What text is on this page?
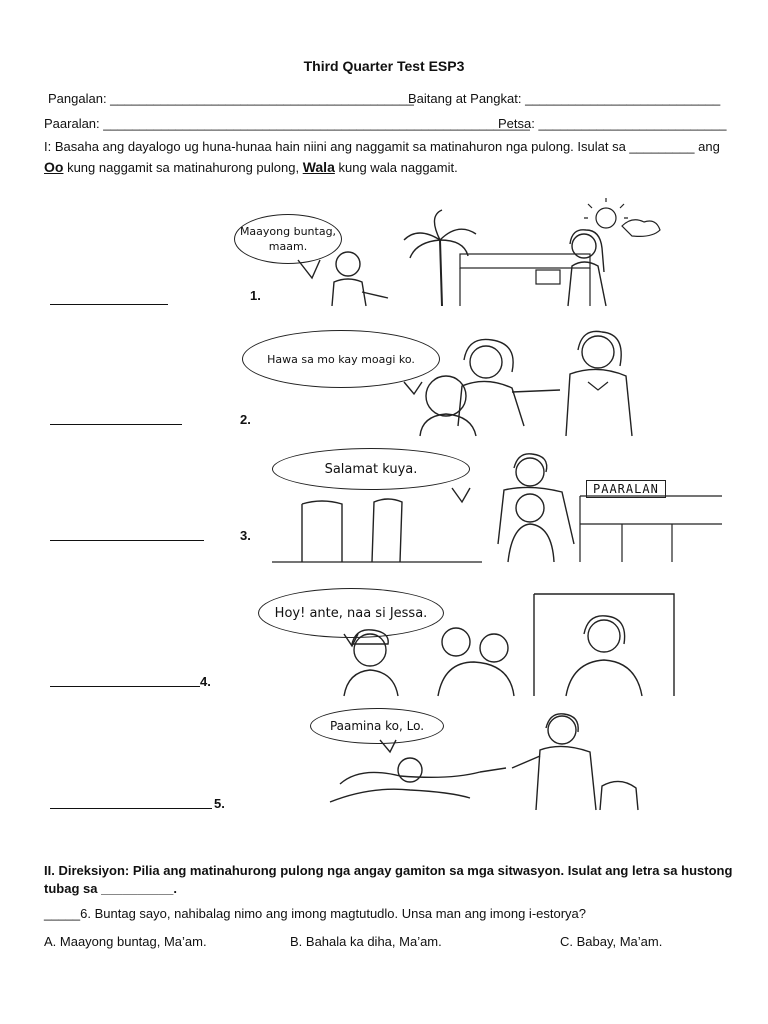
Third Quarter Test ESP3
Pangalan: __________________________________________
Baitang at Pangkat: ___________________________
Paaralan: ___________________________________________________________
Petsa: __________________________
I: Basaha ang dayalogo ug huna-hunaa hain niini ang naggamit sa matinahuron nga pulong. Isulat sa _________ ang Oo kung naggamit sa matinahurong pulong, Wala kung wala naggamit.
1.
Maayong buntag, maam.
2.
Hawa sa mo kay moagi ko.
3.
Salamat kuya.
PAARALAN
4.
Hoy! ante, naa si Jessa.
5.
Paamina ko, Lo.
II. Direksiyon: Pilia ang matinahurong pulong nga angay gamiton sa mga sitwasyon. Isulat ang letra sa hustong tubag sa __________.
_____6. Buntag sayo, nahibalag nimo ang imong magtutudlo. Unsa man ang imong i-estorya?
A. Maayong buntag, Ma’am.	B. Bahala ka diha, Ma’am.	C. Babay, Ma’am.
